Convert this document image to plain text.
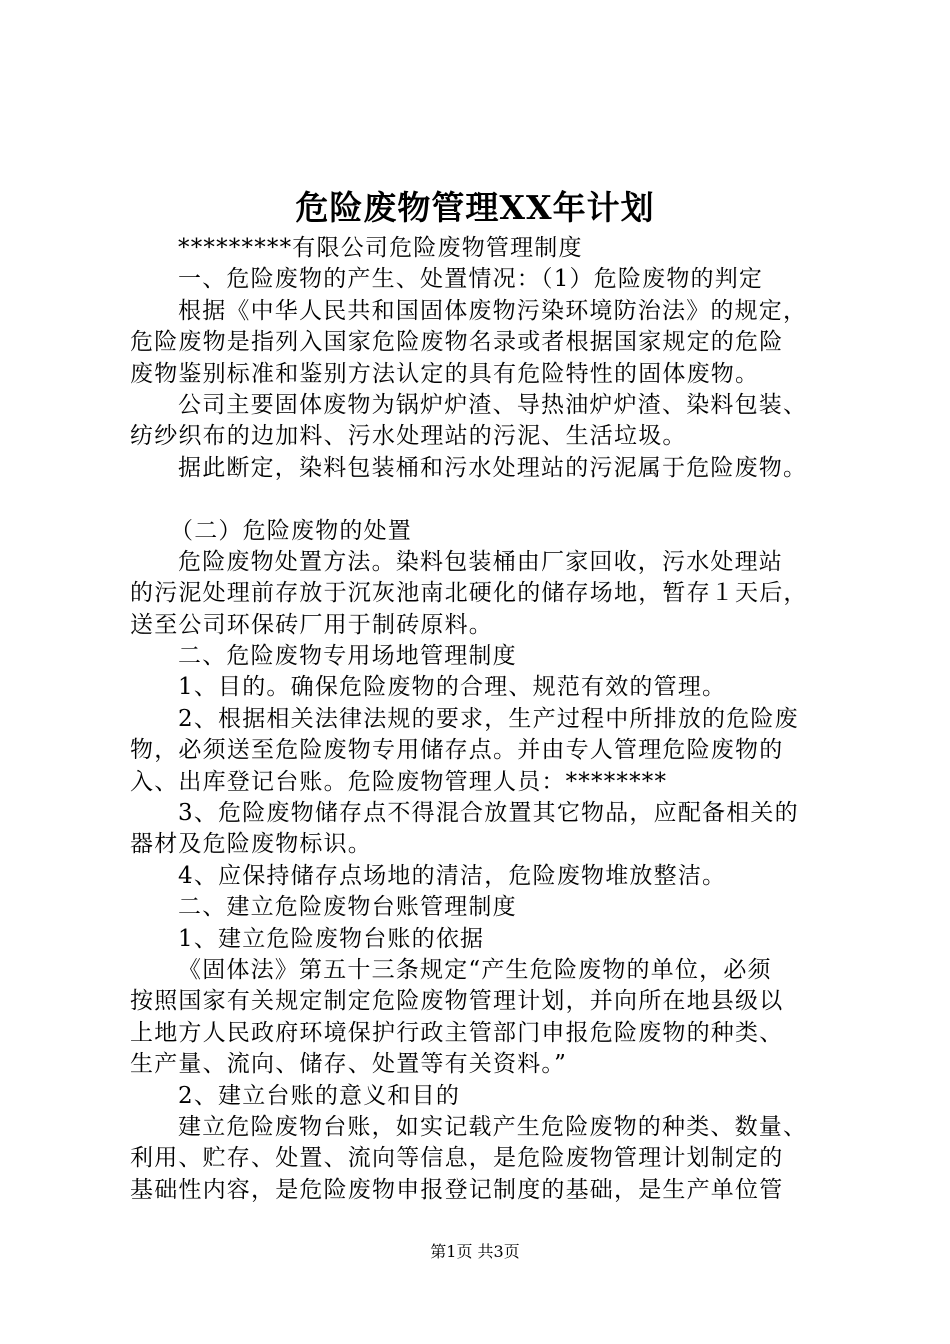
危险废物管理XX年计划
*********有限公司危险废物管理制度
一、危险废物的产生、处置情况：（1）危险废物的判定
根据《中华人民共和国固体废物污染环境防治法》的规定，
危险废物是指列入国家危险废物名录或者根据国家规定的危险
废物鉴别标准和鉴别方法认定的具有危险特性的固体废物。
公司主要固体废物为锅炉炉渣、导热油炉炉渣、染料包装、
纺纱织布的边加料、污水处理站的污泥、生活垃圾。
据此断定，染料包装桶和污水处理站的污泥属于危险废物。
（二）危险废物的处置
危险废物处置方法。染料包装桶由厂家回收，污水处理站
的污泥处理前存放于沉灰池南北硬化的储存场地，暂存１天后，
送至公司环保砖厂用于制砖原料。
二、危险废物专用场地管理制度
1、目的。确保危险废物的合理、规范有效的管理。
2、根据相关法律法规的要求，生产过程中所排放的危险废
物，必须送至危险废物专用储存点。并由专人管理危险废物的
入、出库登记台账。危险废物管理人员：********
3、危险废物储存点不得混合放置其它物品，应配备相关的
器材及危险废物标识。
4、应保持储存点场地的清洁，危险废物堆放整洁。
二、建立危险废物台账管理制度
1、建立危险废物台账的依据
《固体法》第五十三条规定“产生危险废物的单位，必须
按照国家有关规定制定危险废物管理计划，并向所在地县级以
上地方人民政府环境保护行政主管部门申报危险废物的种类、
生产量、流向、储存、处置等有关资料。”
2、建立台账的意义和目的
建立危险废物台账，如实记载产生危险废物的种类、数量、
利用、贮存、处置、流向等信息，是危险废物管理计划制定的
基础性内容，是危险废物申报登记制度的基础，是生产单位管
第1页 共3页
